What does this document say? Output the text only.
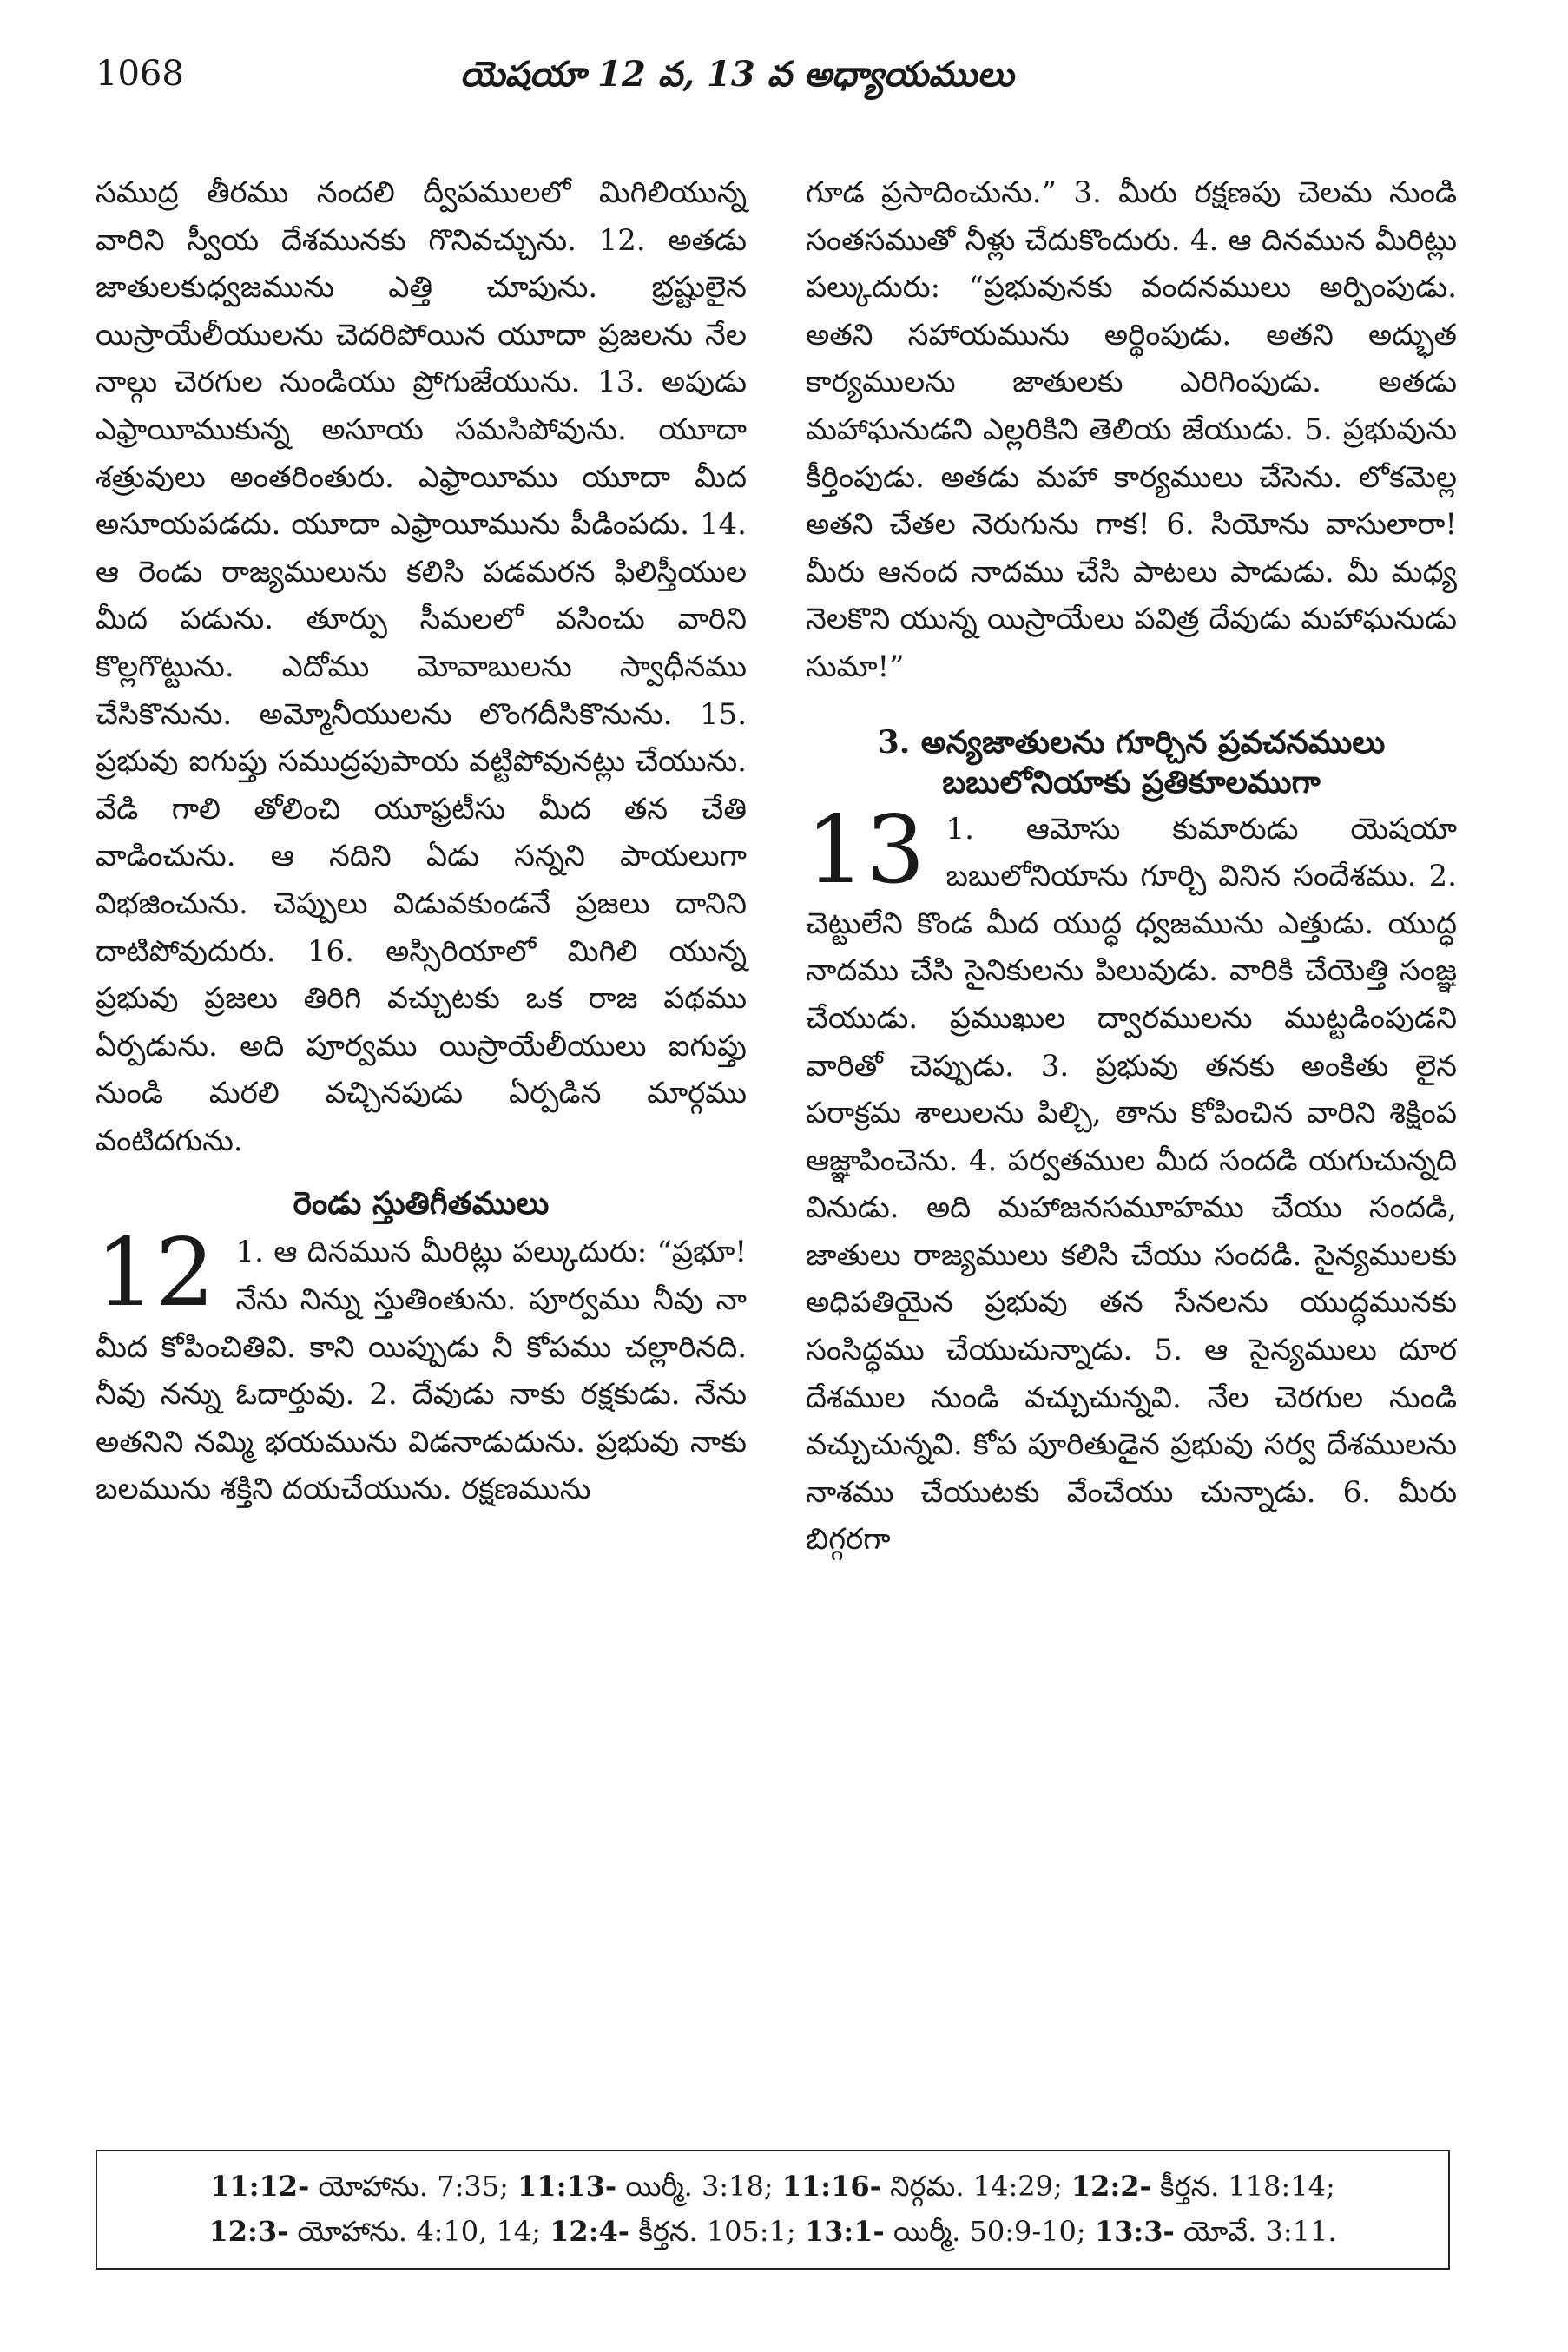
1068	యెషయా 12 వ, 13 వ అధ్యాయములు

సముద్ర తీరము నందలి ద్వీపములలో మిగిలియున్న వారిని స్వీయ దేశమునకు గొనివచ్చును. 12. అతడు జాతులకుధ్వజమును ఎత్తి చూపును. భ్రష్టులైన యిస్రాయేలీయులను చెదరిపోయిన యూదా ప్రజలను నేల నాల్గు చెరగుల నుండియు ప్రోగుజేయును. 13. అపుడు ఎఫ్రాయీముకున్న అసూయ సమసిపోవును. యూదా శత్రువులు అంతరింతురు. ఎఫ్రాయీము యూదా మీద అసూయపడదు. యూదా ఎఫ్రాయీమును పీడింపదు. 14. ఆ రెండు రాజ్యములును కలిసి పడమరన ఫిలిస్తీయుల మీద పడును. తూర్పు సీమలలో వసించు వారిని కొల్లగొట్టును. ఎదోము మోవాబులను స్వాధీనము చేసికొనును. అమ్మోనీయులను లొంగదీసికొనును. 15. ప్రభువు ఐగుప్తు సముద్రపుపాయ వట్టిపోవునట్లు చేయును. వేడి గాలి తోలించి యూఫ్రటీసు మీద తన చేతి వాడించును. ఆ నదిని ఏడు సన్నని పాయలుగా విభజించును. చెప్పులు విడువకుండనే ప్రజలు దానిని దాటిపోవుదురు. 16. అస్సిరియాలో మిగిలి యున్న ప్రభువు ప్రజలు తిరిగి వచ్చుటకు ఒక రాజ పథము ఏర్పడును. అది పూర్వము యిస్రాయేలీయులు ఐగుప్తు నుండి మరలి వచ్చినపుడు ఏర్పడిన మార్గము వంటిదగును.

రెండు స్తుతిగీతములు
12 1. ఆ దినమున మీరిట్లు పల్కుదురు: “ప్రభూ! నేను నిన్ను స్తుతింతును. పూర్వము నీవు నా మీద కోపించితివి. కాని యిప్పుడు నీ కోపము చల్లారినది. నీవు నన్ను ఓదార్తువు. 2. దేవుడు నాకు రక్షకుడు. నేను అతనిని నమ్మి భయమును విడనాడుదును. ప్రభువు నాకు బలమును శక్తిని దయచేయును. రక్షణమును

గూడ ప్రసాదించును.” 3. మీరు రక్షణపు చెలమ నుండి సంతసముతో నీళ్లు చేదుకొందురు. 4. ఆ దినమున మీరిట్లు పల్కుదురు: “ప్రభువునకు వందనములు అర్పింపుడు. అతని సహాయమును అర్థింపుడు. అతని అద్భుత కార్యములను జాతులకు ఎరిగింపుడు. అతడు మహాఘనుడని ఎల్లరికిని తెలియ జేయుడు. 5. ప్రభువును కీర్తింపుడు. అతడు మహా కార్యములు చేసెను. లోకమెల్ల అతని చేతల నెరుగును గాక! 6. సియోను వాసులారా! మీరు ఆనంద నాదము చేసి పాటలు పాడుడు. మీ మధ్య నెలకొని యున్న యిస్రాయేలు పవిత్ర దేవుడు మహాఘనుడు సుమా!”

3. అన్యజాతులను గూర్చిన ప్రవచనములు
బబులోనియాకు ప్రతికూలముగా
13 1. ఆమోసు కుమారుడు యెషయా బబులోనియాను గూర్చి వినిన సందేశము. 2. చెట్టులేని కొండ మీద యుద్ధ ధ్వజమును ఎత్తుడు. యుద్ధ నాదము చేసి సైనికులను పిలువుడు. వారికి చేయెత్తి సంజ్ఞ చేయుడు. ప్రముఖుల ద్వారములను ముట్టడింపుడని వారితో చెప్పుడు. 3. ప్రభువు తనకు అంకితు లైన పరాక్రమ శాలులను పిల్చి, తాను కోపించిన వారిని శిక్షింప ఆజ్ఞాపించెను. 4. పర్వతముల మీద సందడి యగుచున్నది వినుడు. అది మహాజనసమూహము చేయు సందడి, జాతులు రాజ్యములు కలిసి చేయు సందడి. సైన్యములకు అధిపతియైన ప్రభువు తన సేనలను యుద్ధమునకు సంసిద్ధము చేయుచున్నాడు. 5. ఆ సైన్యములు దూర దేశముల నుండి వచ్చుచున్నవి. నేల చెరగుల నుండి వచ్చుచున్నవి. కోప పూరితుడైన ప్రభువు సర్వ దేశములను నాశము చేయుటకు వేంచేయు చున్నాడు. 6. మీరు బిగ్గరగా

11:12- యోహాను. 7:35; 11:13- యిర్మీ. 3:18; 11:16- నిర్గమ. 14:29; 12:2- కీర్తన. 118:14;
12:3- యోహాను. 4:10, 14; 12:4- కీర్తన. 105:1; 13:1- యిర్మీ. 50:9-10; 13:3- యోవే. 3:11.
